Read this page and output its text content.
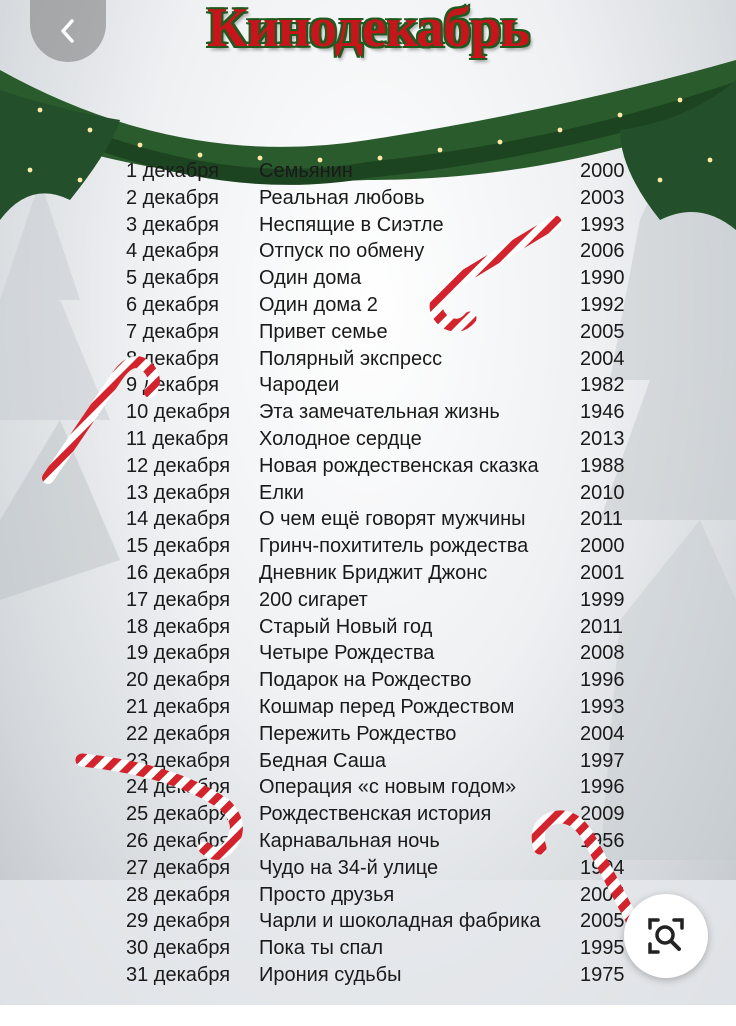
Кинодекабрь
1 декабря Семьянин	2000
2 декабря Реальная любовь	2003
3 декабря Неспящие в Сиэтле	1993
4 декабря Отпуск по обмену	2006
5 декабря Один дома	1990
6 декабря Один дома 2	1992
7 декабря Привет семье	2005
8 декабря Полярный экспресс	2004
9 декабря Чародеи	1982
10 декабря Эта замечательная жизнь	1946
11 декабря Холодное сердце	2013
12 декабря Новая рождественская сказка 1988
13 декабря Елки	2010
14 декабря О чем ещё говорят мужчины	2011
15 декабря Гринч-похититель рождества	2000
16 декабря Дневник Бриджит Джонс	2001
17 декабря 200 сигарет	1999
18 декабря Старый Новый год	2011
19 декабря Четыре Рождества	2008
20 декабря Подарок на Рождество	1996
21 декабря Кошмар перед Рождеством	1993
22 декабря Пережить Рождество	2004
23 декабря Бедная Саша	1997
24 декабря Операция «с новым годом»	1996
25 декабря Рождественская история	2009
26 декабря Карнавальная ночь	1956
27 декабря Чудо на 34-й улице	1994
28 декабря Просто друзья	2005
29 декабря Чарли и шоколадная фабрика 2005
30 декабря Пока ты спал	1995
31 декабря Ирония судьбы	1975
